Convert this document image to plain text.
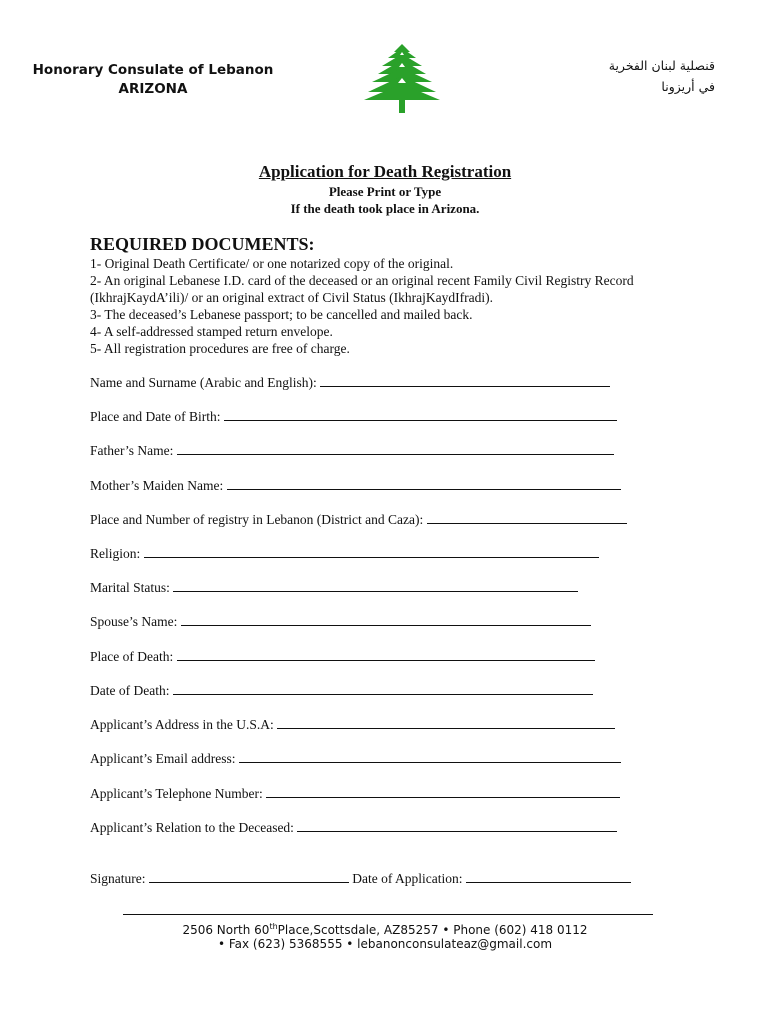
Honorary Consulate of Lebanon
ARIZONA
قنصلية لبنان الفخرية
في أريزونا
Application for Death Registration
Please Print or Type
If the death took place in Arizona.
REQUIRED DOCUMENTS:
1- Original Death Certificate/ or one notarized copy of the original.
2- An original Lebanese I.D. card of the deceased or an original recent Family Civil Registry Record
(IkhrajKaydA’ili)/ or an original extract of Civil Status (IkhrajKaydIfradi).
3- The deceased’s Lebanese passport; to be cancelled and mailed back.
4- A self-addressed stamped return envelope.
5- All registration procedures are free of charge.
Name and Surname (Arabic and English):
Place and Date of Birth:
Father’s Name:
Mother’s Maiden Name:
Place and Number of registry in Lebanon (District and Caza):
Religion:
Marital Status:
Spouse’s Name:
Place of Death:
Date of Death:
Applicant’s Address in the U.S.A:
Applicant’s Email address:
Applicant’s Telephone Number:
Applicant’s Relation to the Deceased:
Signature:	Date of Application:
2506 North 60thPlace,Scottsdale, AZ85257 • Phone (602) 418 0112
• Fax (623) 5368555 • lebanonconsulateaz@gmail.com
